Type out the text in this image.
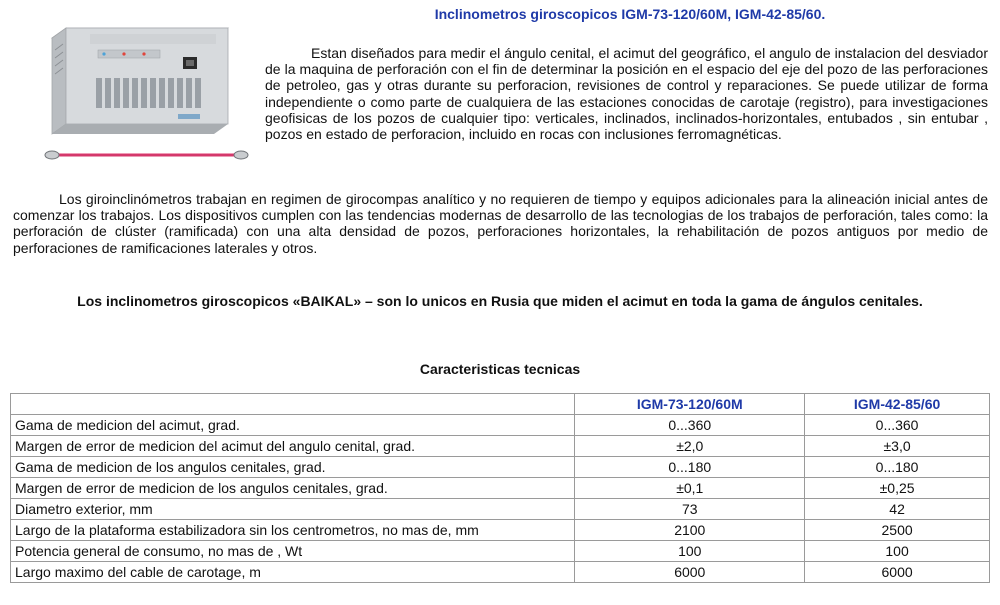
Inclinometros giroscopicos IGM-73-120/60M, IGM-42-85/60.

Estan diseñados para medir el ángulo cenital, el acimut del geográfico, el angulo de instalacion del desviador de la maquina de perforación con el fin de determinar la posición en el espacio del eje del pozo de las perforaciones de petroleo, gas y otras durante su perforacion, revisiones de control y reparaciones. Se puede utilizar de forma independiente o como parte de cualquiera de las estaciones conocidas de carotaje (registro), para investigaciones geofisicas de los pozos de cualquier tipo: verticales, inclinados, inclinados-horizontales, entubados , sin entubar , pozos en estado de perforacion, incluido en rocas con inclusiones ferromagnéticas.

Los giroinclinómetros trabajan en regimen de girocompas analítico y no requieren de tiempo y equipos adicionales para la alineación inicial antes de comenzar los trabajos. Los dispositivos cumplen con las tendencias modernas de desarrollo de las tecnologias de los trabajos de perforación, tales como: la perforación de clúster (ramificada) con una alta densidad de pozos, perforaciones horizontales, la rehabilitación de pozos antiguos por medio de perforaciones de ramificaciones laterales y otros.

Los inclinometros giroscopicos «BAIKAL» – son lo unicos en Rusia que miden el acimut en toda la gama de ángulos cenitales.
Caracteristicas tecnicas
	IGM-73-120/60M	IGM-42-85/60
Gama de medicion del acimut, grad.	0...360	0...360
Margen de error de medicion del acimut del angulo cenital, grad.	±2,0	±3,0
Gama de medicion de los angulos cenitales, grad.	0...180	0...180
Margen de error de medicion de los angulos cenitales, grad.	±0,1	±0,25
Diametro exterior, mm	73	42
Largo de la plataforma estabilizadora sin los centrometros, no mas de, mm	2100	2500
Potencia general de consumo, no mas de , Wt	100	100
Largo maximo del cable de carotage, m	6000	6000
